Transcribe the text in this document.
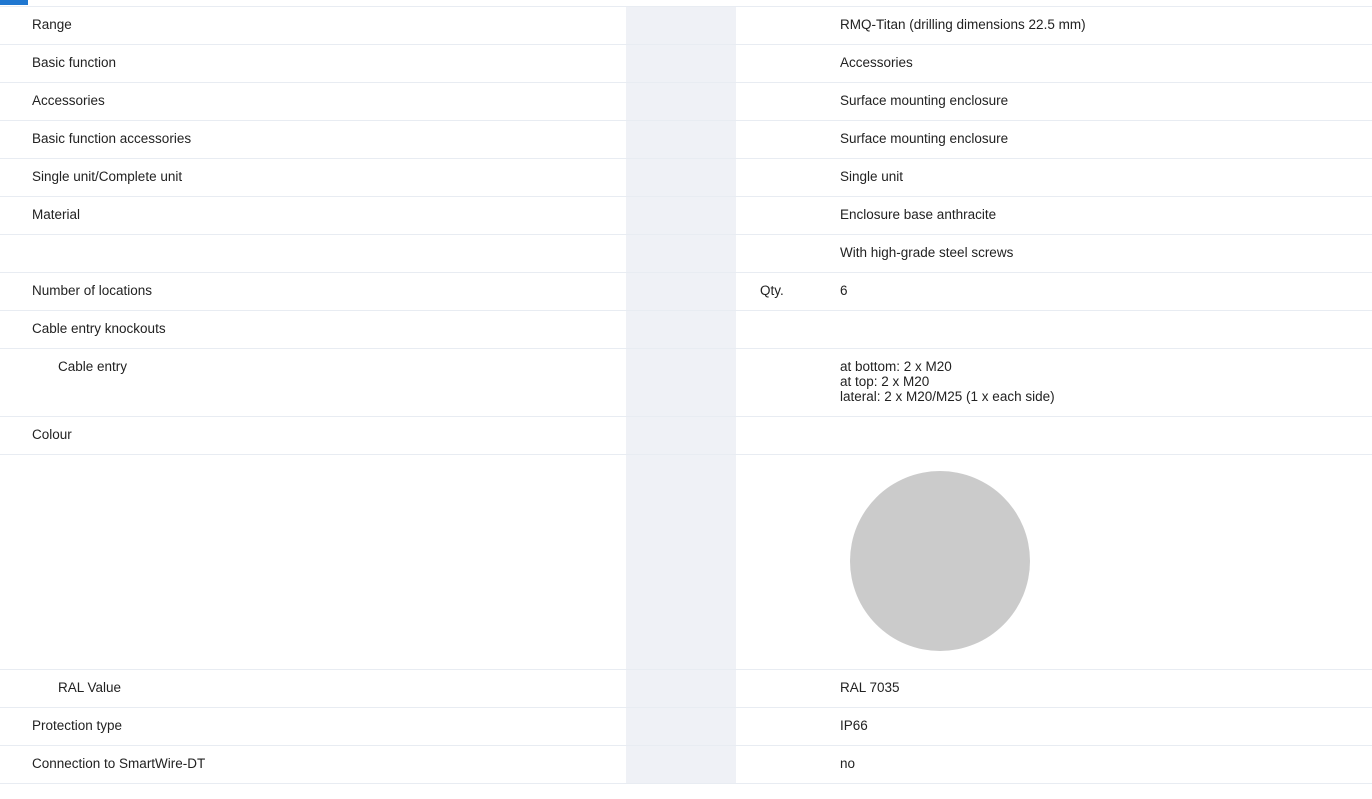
Range			RMQ-Titan (drilling dimensions 22.5 mm)
Basic function			Accessories
Accessories			Surface mounting enclosure
Basic function accessories			Surface mounting enclosure
Single unit/Complete unit			Single unit
Material			Enclosure base anthracite
			With high-grade steel screws
Number of locations		Qty.	6
Cable entry knockouts			
Cable entry			at bottom: 2 x M20
at top: 2 x M20
lateral: 2 x M20/M25 (1 x each side)
Colour			

RAL Value			RAL 7035
Protection type			IP66
Connection to SmartWire-DT			no
